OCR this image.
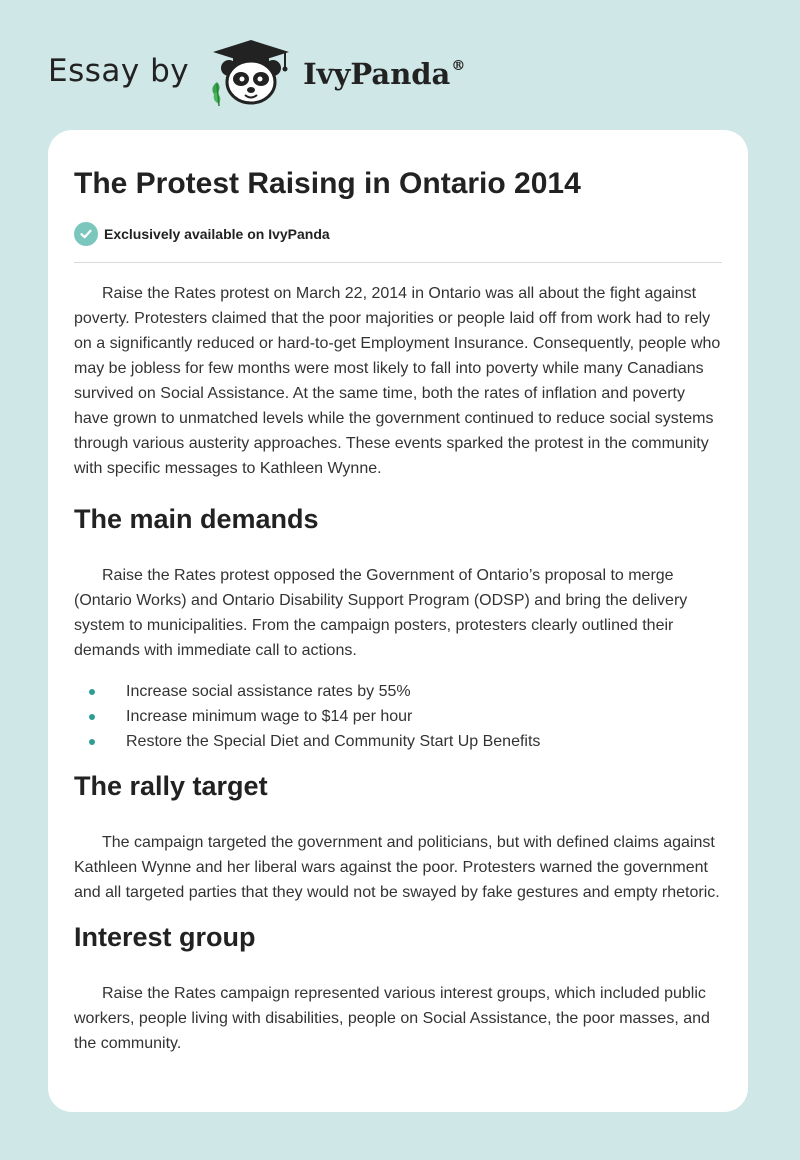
Essay by	IvyPanda®
The Protest Raising in Ontario 2014
Exclusively available on IvyPanda

Raise the Rates protest on March 22, 2014 in Ontario was all about the fight against poverty. Protesters claimed that the poor majorities or people laid off from work had to rely on a significantly reduced or hard-to-get Employment Insurance. Consequently, people who may be jobless for few months were most likely to fall into poverty while many Canadians survived on Social Assistance. At the same time, both the rates of inflation and poverty have grown to unmatched levels while the government continued to reduce social systems through various austerity approaches. These events sparked the protest in the community with specific messages to Kathleen Wynne.

The main demands

Raise the Rates protest opposed the Government of Ontario’s proposal to merge (Ontario Works) and Ontario Disability Support Program (ODSP) and bring the delivery system to municipalities. From the campaign posters, protesters clearly outlined their demands with immediate call to actions.

Increase social assistance rates by 55%
Increase minimum wage to $14 per hour
Restore the Special Diet and Community Start Up Benefits
The rally target

The campaign targeted the government and politicians, but with defined claims against Kathleen Wynne and her liberal wars against the poor. Protesters warned the government and all targeted parties that they would not be swayed by fake gestures and empty rhetoric.

Interest group

Raise the Rates campaign represented various interest groups, which included public workers, people living with disabilities, people on Social Assistance, the poor masses, and the community.
